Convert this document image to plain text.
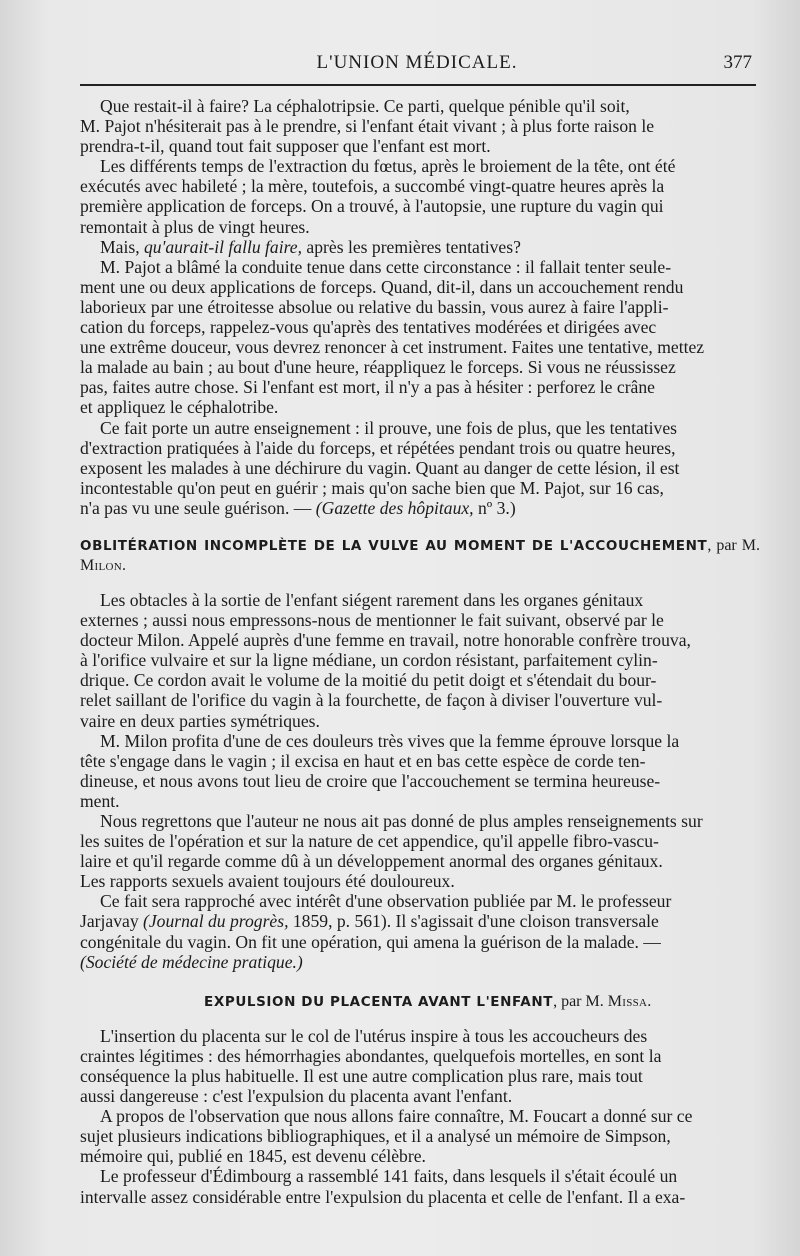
L'UNION MÉDICALE.	377

Que restait-il à faire? La céphalotripsie. Ce parti, quelque pénible qu'il soit,
M. Pajot n'hésiterait pas à le prendre, si l'enfant était vivant ; à plus forte raison le
prendra-t-il, quand tout fait supposer que l'enfant est mort.

Les différents temps de l'extraction du fœtus, après le broiement de la tête, ont été
exécutés avec habileté ; la mère, toutefois, a succombé vingt-quatre heures après la
première application de forceps. On a trouvé, à l'autopsie, une rupture du vagin qui
remontait à plus de vingt heures.

Mais, qu'aurait-il fallu faire, après les premières tentatives?

M. Pajot a blâmé la conduite tenue dans cette circonstance : il fallait tenter seule-
ment une ou deux applications de forceps. Quand, dit-il, dans un accouchement rendu
laborieux par une étroitesse absolue ou relative du bassin, vous aurez à faire l'appli-
cation du forceps, rappelez-vous qu'après des tentatives modérées et dirigées avec
une extrême douceur, vous devrez renoncer à cet instrument. Faites une tentative, mettez
la malade au bain ; au bout d'une heure, réappliquez le forceps. Si vous ne réussissez
pas, faites autre chose. Si l'enfant est mort, il n'y a pas à hésiter : perforez le crâne
et appliquez le céphalotribe.

Ce fait porte un autre enseignement : il prouve, une fois de plus, que les tentatives
d'extraction pratiquées à l'aide du forceps, et répétées pendant trois ou quatre heures,
exposent les malades à une déchirure du vagin. Quant au danger de cette lésion, il est
incontestable qu'on peut en guérir ; mais qu'on sache bien que M. Pajot, sur 16 cas,
n'a pas vu une seule guérison. — (Gazette des hôpitaux, nº 3.)

OBLITÉRATION INCOMPLÈTE DE LA VULVE AU MOMENT DE L'ACCOUCHEMENT, par M. Milon.

Les obtacles à la sortie de l'enfant siégent rarement dans les organes génitaux
externes ; aussi nous empressons-nous de mentionner le fait suivant, observé par le
docteur Milon. Appelé auprès d'une femme en travail, notre honorable confrère trouva,
à l'orifice vulvaire et sur la ligne médiane, un cordon résistant, parfaitement cylin-
drique. Ce cordon avait le volume de la moitié du petit doigt et s'étendait du bour-
relet saillant de l'orifice du vagin à la fourchette, de façon à diviser l'ouverture vul-
vaire en deux parties symétriques.

M. Milon profita d'une de ces douleurs très vives que la femme éprouve lorsque la
tête s'engage dans le vagin ; il excisa en haut et en bas cette espèce de corde ten-
dineuse, et nous avons tout lieu de croire que l'accouchement se termina heureuse-
ment.

Nous regrettons que l'auteur ne nous ait pas donné de plus amples renseignements sur
les suites de l'opération et sur la nature de cet appendice, qu'il appelle fibro-vascu-
laire et qu'il regarde comme dû à un développement anormal des organes génitaux.
Les rapports sexuels avaient toujours été douloureux.

Ce fait sera rapproché avec intérêt d'une observation publiée par M. le professeur
Jarjavay (Journal du progrès, 1859, p. 561). Il s'agissait d'une cloison transversale
congénitale du vagin. On fit une opération, qui amena la guérison de la malade. —
(Société de médecine pratique.)

EXPULSION DU PLACENTA AVANT L'ENFANT, par M. Missa.

L'insertion du placenta sur le col de l'utérus inspire à tous les accoucheurs des
craintes légitimes : des hémorrhagies abondantes, quelquefois mortelles, en sont la
conséquence la plus habituelle. Il est une autre complication plus rare, mais tout
aussi dangereuse : c'est l'expulsion du placenta avant l'enfant.

A propos de l'observation que nous allons faire connaître, M. Foucart a donné sur ce
sujet plusieurs indications bibliographiques, et il a analysé un mémoire de Simpson,
mémoire qui, publié en 1845, est devenu célèbre.

Le professeur d'Édimbourg a rassemblé 141 faits, dans lesquels il s'était écoulé un
intervalle assez considérable entre l'expulsion du placenta et celle de l'enfant. Il a exa-
